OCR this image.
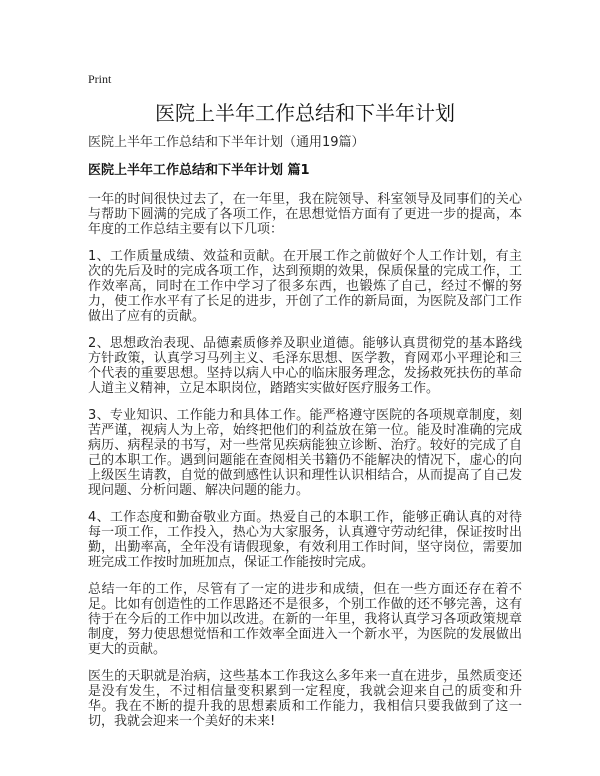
Print
医院上半年工作总结和下半年计划
医院上半年工作总结和下半年计划（通用19篇）
医院上半年工作总结和下半年计划 篇1

一年的时间很快过去了，在一年里，我在院领导、科室领导及同事们的关心与帮助下圆满的完成了各项工作，在思想觉悟方面有了更进一步的提高，本年度的工作总结主要有以下几项：

1、工作质量成绩、效益和贡献。在开展工作之前做好个人工作计划，有主次的先后及时的完成各项工作，达到预期的效果，保质保量的完成工作，工作效率高，同时在工作中学习了很多东西，也锻炼了自己，经过不懈的努力，使工作水平有了长足的进步，开创了工作的新局面，为医院及部门工作做出了应有的贡献。

2、思想政治表现、品德素质修养及职业道德。能够认真贯彻党的基本路线方针政策，认真学习马列主义、毛泽东思想、医学教，育网邓小平理论和三个代表的重要思想。坚持以病人中心的临床服务理念，发扬救死扶伤的革命人道主义精神，立足本职岗位，踏踏实实做好医疗服务工作。

3、专业知识、工作能力和具体工作。能严格遵守医院的各项规章制度，刻苦严谨，视病人为上帝，始终把他们的利益放在第一位。能及时准确的完成病历、病程录的书写，对一些常见疾病能独立诊断、治疗。较好的完成了自己的本职工作。遇到问题能在查阅相关书籍仍不能解决的情况下，虚心的向上级医生请教，自觉的做到感性认识和理性认识相结合，从而提高了自己发现问题、分析问题、解决问题的能力。

4、工作态度和勤奋敬业方面。热爱自己的本职工作，能够正确认真的对待每一项工作，工作投入，热心为大家服务，认真遵守劳动纪律，保证按时出勤，出勤率高，全年没有请假现象，有效利用工作时间，坚守岗位，需要加班完成工作按时加班加点，保证工作能按时完成。

总结一年的工作，尽管有了一定的进步和成绩，但在一些方面还存在着不足。比如有创造性的工作思路还不是很多，个别工作做的还不够完善，这有待于在今后的工作中加以改进。在新的一年里，我将认真学习各项政策规章制度，努力使思想觉悟和工作效率全面进入一个新水平，为医院的发展做出更大的贡献。

医生的天职就是治病，这些基本工作我这么多年来一直在进步，虽然质变还是没有发生，不过相信量变积累到一定程度，我就会迎来自己的质变和升华。我在不断的提升我的思想素质和工作能力，我相信只要我做到了这一切，我就会迎来一个美好的未来!
